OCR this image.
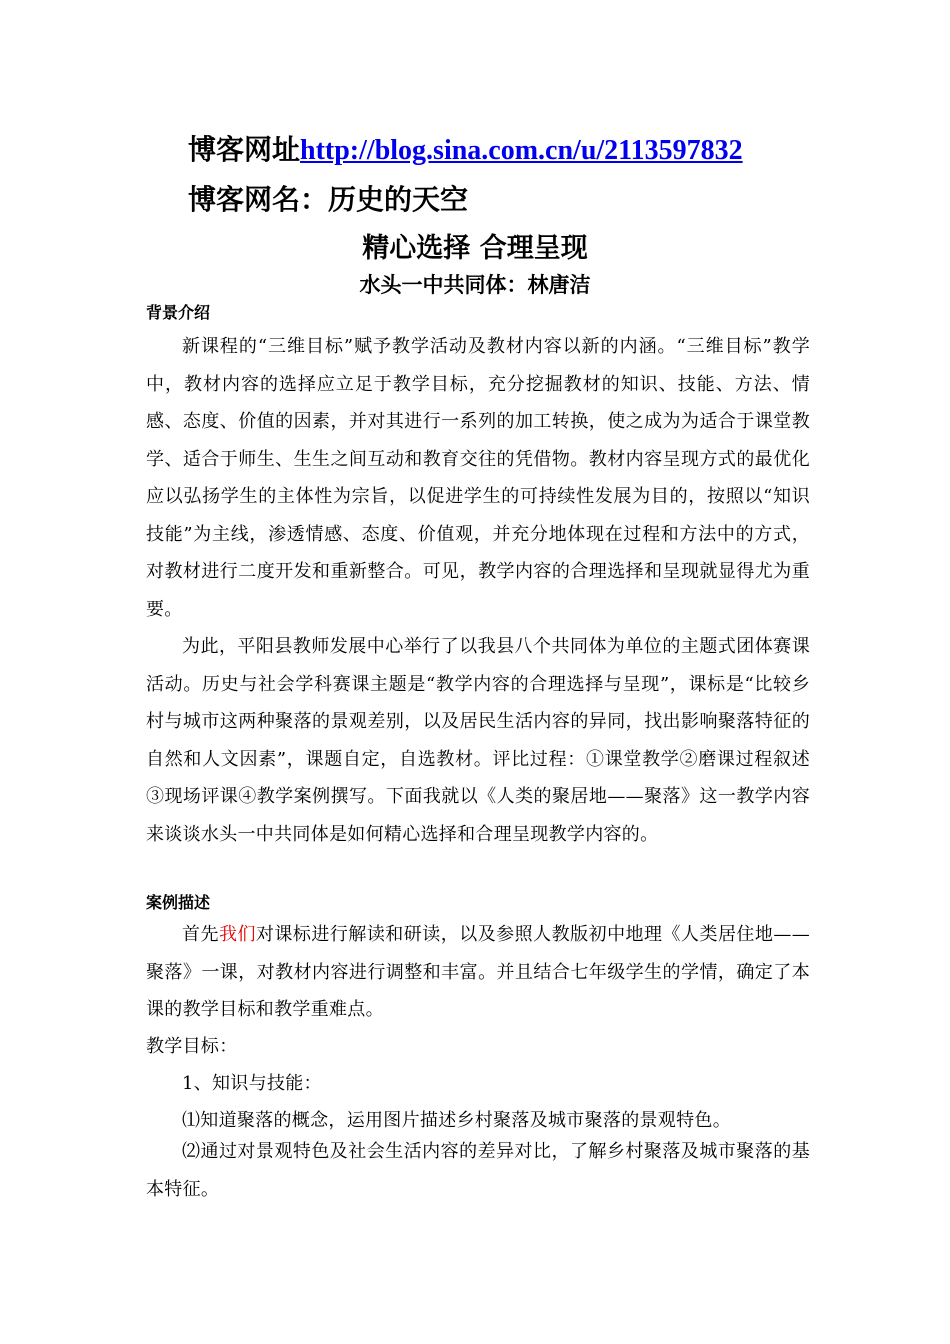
博客网址http://blog.sina.com.cn/u/2113597832
博客网名：历史的天空
精心选择 合理呈现
水头一中共同体：林唐洁
背景介绍
新课程的“三维目标”赋予教学活动及教材内容以新的内涵。“三维目标”教学中，教材内容的选择应立足于教学目标，充分挖掘教材的知识、技能、方法、情感、态度、价值的因素，并对其进行一系列的加工转换，使之成为为适合于课堂教学、适合于师生、生生之间互动和教育交往的凭借物。教材内容呈现方式的最优化应以弘扬学生的主体性为宗旨，以促进学生的可持续性发展为目的，按照以“知识技能”为主线，渗透情感、态度、价值观，并充分地体现在过程和方法中的方式，对教材进行二度开发和重新整合。可见，教学内容的合理选择和呈现就显得尤为重要。
为此，平阳县教师发展中心举行了以我县八个共同体为单位的主题式团体赛课活动。历史与社会学科赛课主题是“教学内容的合理选择与呈现”，课标是“比较乡村与城市这两种聚落的景观差别，以及居民生活内容的异同，找出影响聚落特征的自然和人文因素”，课题自定，自选教材。评比过程：①课堂教学②磨课过程叙述③现场评课④教学案例撰写。下面我就以《人类的聚居地——聚落》这一教学内容来谈谈水头一中共同体是如何精心选择和合理呈现教学内容的。
案例描述
首先我们对课标进行解读和研读，以及参照人教版初中地理《人类居住地——聚落》一课，对教材内容进行调整和丰富。并且结合七年级学生的学情，确定了本课的教学目标和教学重难点。
教学目标：
1、知识与技能：
⑴知道聚落的概念，运用图片描述乡村聚落及城市聚落的景观特色。
⑵通过对景观特色及社会生活内容的差异对比，了解乡村聚落及城市聚落的基本特征。
